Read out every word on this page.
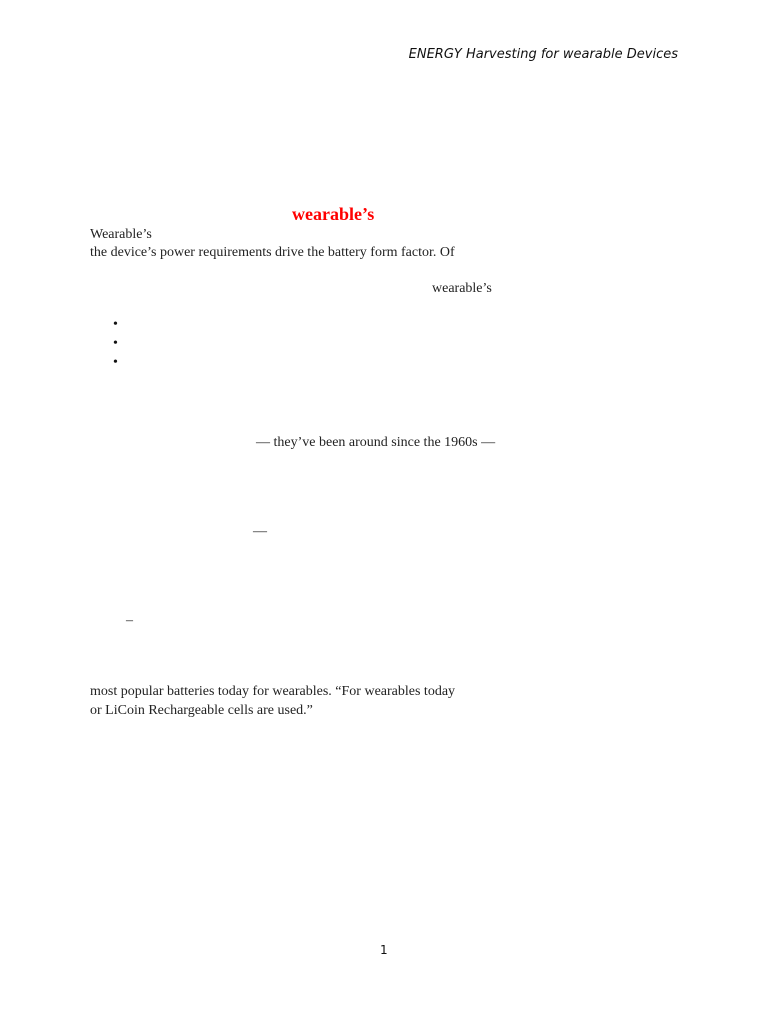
ENERGY Harvesting for wearable Devices
wearable’s
Wearable’s
the device’s power requirements drive the battery form factor. Of
wearable’s
•
•
•
— they’ve been around since the 1960s —
—
–
most popular batteries today for wearables. “For wearables today
or LiCoin Rechargeable cells are used.”
1
